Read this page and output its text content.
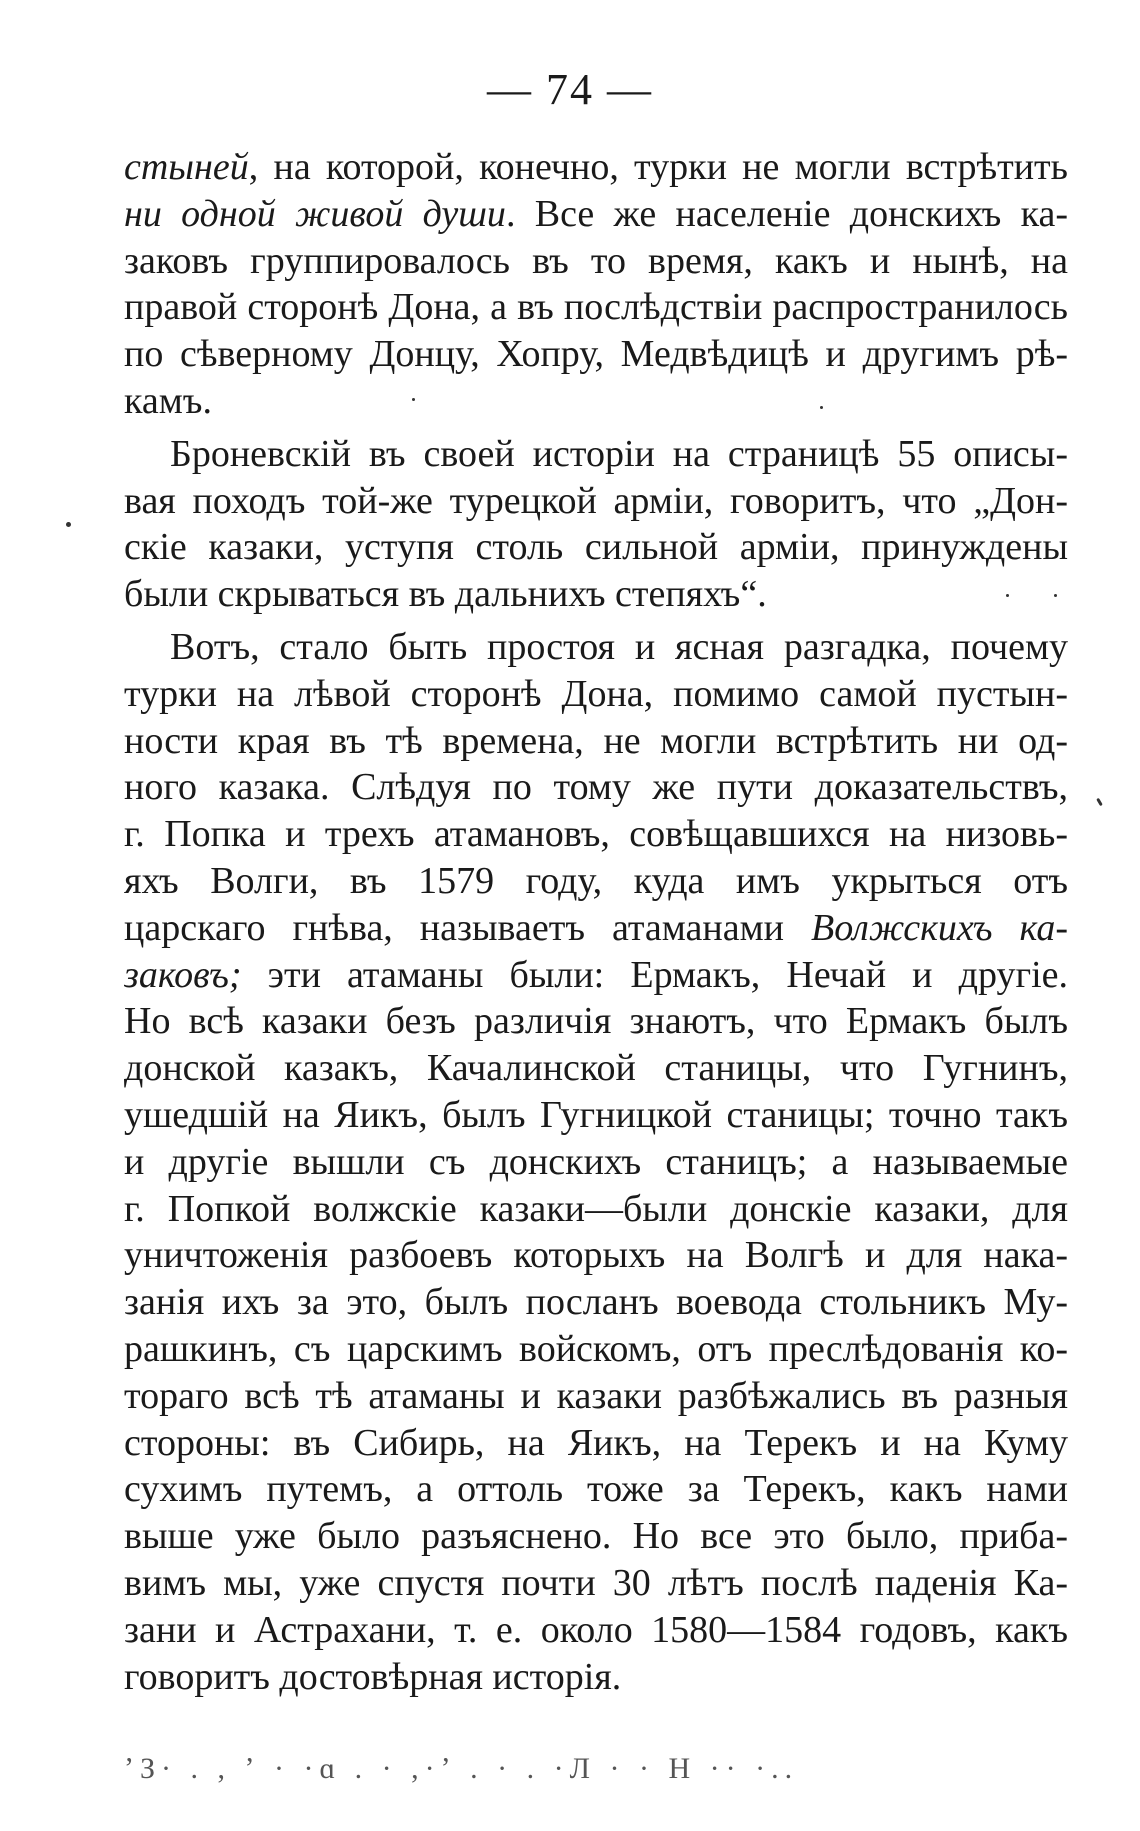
— 74 —
стыней, на которой, конечно, турки не могли встрѣтить
ни одной живой души. Все же населеніе донскихъ ка-
заковъ группировалось въ то время, какъ и нынѣ, на
правой сторонѣ Дона, а въ послѣдствіи распространилось
по сѣверному Донцу, Хопру, Медвѣдицѣ и другимъ рѣ-
камъ.
Броневскій въ своей исторіи на страницѣ 55 описы-
вая походъ той-же турецкой арміи, говоритъ, что „Дон-
скіе казаки, уступя столь сильной арміи, принуждены
были скрываться въ дальнихъ степяхъ“.
Вотъ, стало быть простоя и ясная разгадка, почему
турки на лѣвой сторонѣ Дона, помимо самой пустын-
ности края въ тѣ времена, не могли встрѣтить ни од-
ного казака. Слѣдуя по тому же пути доказательствъ,
г. Попка и трехъ атамановъ, совѣщавшихся на низовь-
яхъ Волги, въ 1579 году, куда имъ укрыться отъ
царскаго гнѣва, называетъ атаманами Волжскихъ ка-
заковъ; эти атаманы были: Ермакъ, Нечай и другіе.
Но всѣ казаки безъ различія знаютъ, что Ермакъ былъ
донской казакъ, Качалинской станицы, что Гугнинъ,
ушедшій на Яикъ, былъ Гугницкой станицы; точно такъ
и другіе вышли съ донскихъ станицъ; а называемые
г. Попкой волжскіе казаки—были донскіе казаки, для
уничтоженія разбоевъ которыхъ на Волгѣ и для нака-
занія ихъ за это, былъ посланъ воевода стольникъ Му-
рашкинъ, съ царскимъ войскомъ, отъ преслѣдованія ко-
тораго всѣ тѣ атаманы и казаки разбѣжались въ разныя
стороны: въ Сибирь, на Яикъ, на Терекъ и на Куму
сухимъ путемъ, а оттоль тоже за Терекъ, какъ нами
выше уже было разъяснено. Но все это было, прибa-
вимъ мы, уже спустя почти 30 лѣтъ послѣ паденія Ка-
зани и Астрахани, т. е. около 1580—1584 годовъ, какъ
говоритъ достовѣрная исторія.
ʼЗ· . , ʼ · ·ɑ . · ,·ʼ . · . ·Л · · Н ·· ·..
